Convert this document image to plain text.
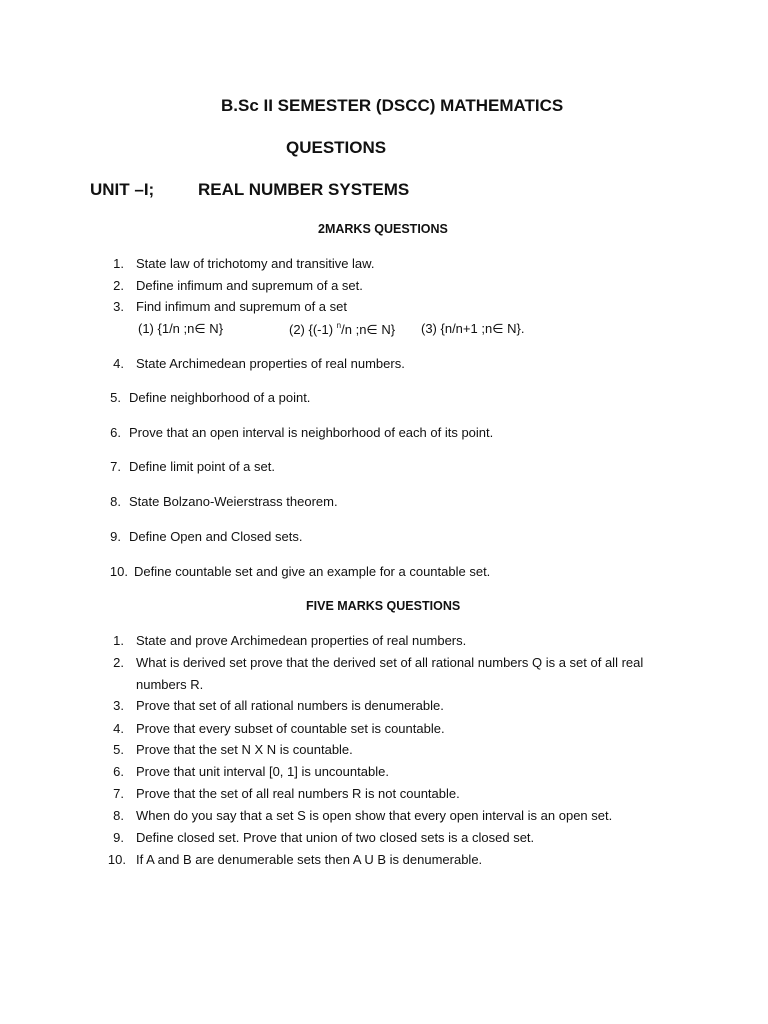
B.Sc II SEMESTER (DSCC) MATHEMATICS
QUESTIONS
UNIT –I;	REAL NUMBER SYSTEMS
2MARKS QUESTIONS
1. State law of trichotomy and transitive law.
2. Define infimum and supremum of a set.
3. Find infimum and supremum of a set
(1) {1/n ;n∈ N}	(2) {(-1) $^n$/n ;n∈ N} (3) {n/n+1 ;n∈ N}.
4. State Archimedean properties of real numbers.
5. Define neighborhood of a point.
6. Prove that an open interval is neighborhood of each of its point.
7. Define limit point of a set.
8. State Bolzano-Weierstrass theorem.
9. Define Open and Closed sets.
10. Define countable set and give an example for a countable set.
FIVE MARKS QUESTIONS
1. State and prove Archimedean properties of real numbers.
2. What is derived set prove that the derived set of all rational numbers Q is a set of all real
numbers R.
3. Prove that set of all rational numbers is denumerable.
4. Prove that every subset of countable set is countable.
5. Prove that the set N X N is countable.
6. Prove that unit interval [0, 1] is uncountable.
7. Prove that the set of all real numbers R is not countable.
8. When do you say that a set S is open show that every open interval is an open set.
9. Define closed set. Prove that union of two closed sets is a closed set.
10. If A and B are denumerable sets then A U B is denumerable.
